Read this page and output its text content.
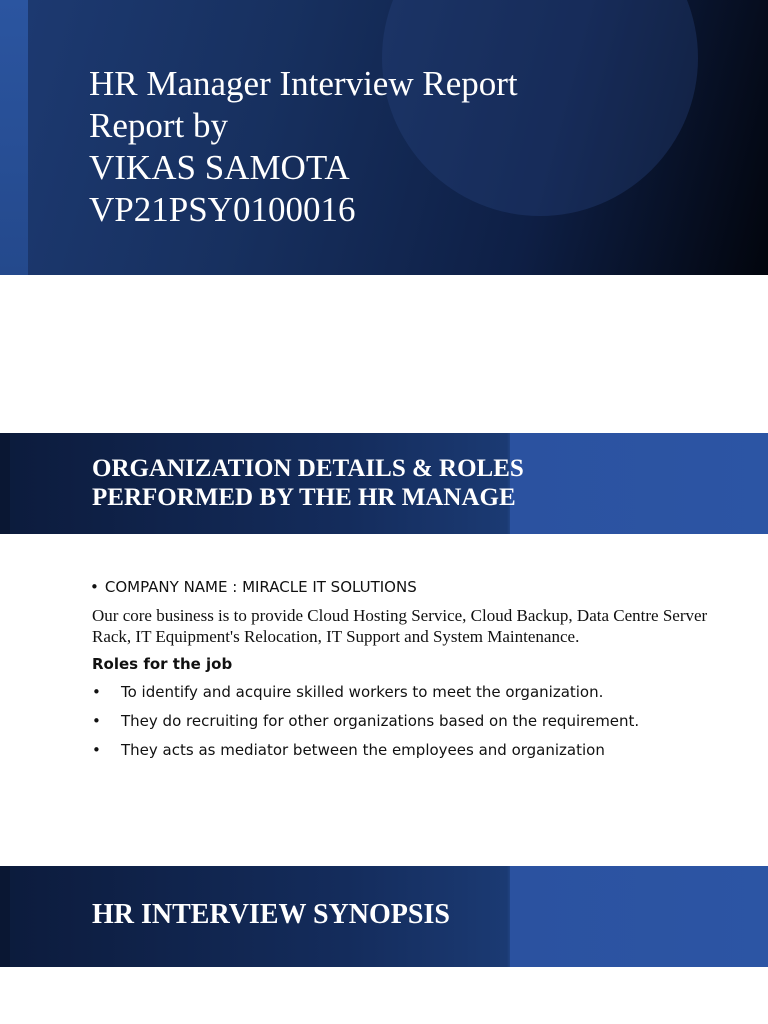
HR Manager Interview Report
Report by
VIKAS SAMOTA
VP21PSY0100016
ORGANIZATION DETAILS & ROLES
PERFORMED BY THE HR MANAGE
• COMPANY NAME : MIRACLE IT SOLUTIONS
Our core business is to provide Cloud Hosting Service, Cloud Backup, Data Centre Server Rack, IT Equipment's Relocation, IT Support and System Maintenance.
Roles for the job
• To identify and acquire skilled workers to meet the organization.
• They do recruiting for other organizations based on the requirement.
• They acts as mediator between the employees and organization
HR INTERVIEW SYNOPSIS
